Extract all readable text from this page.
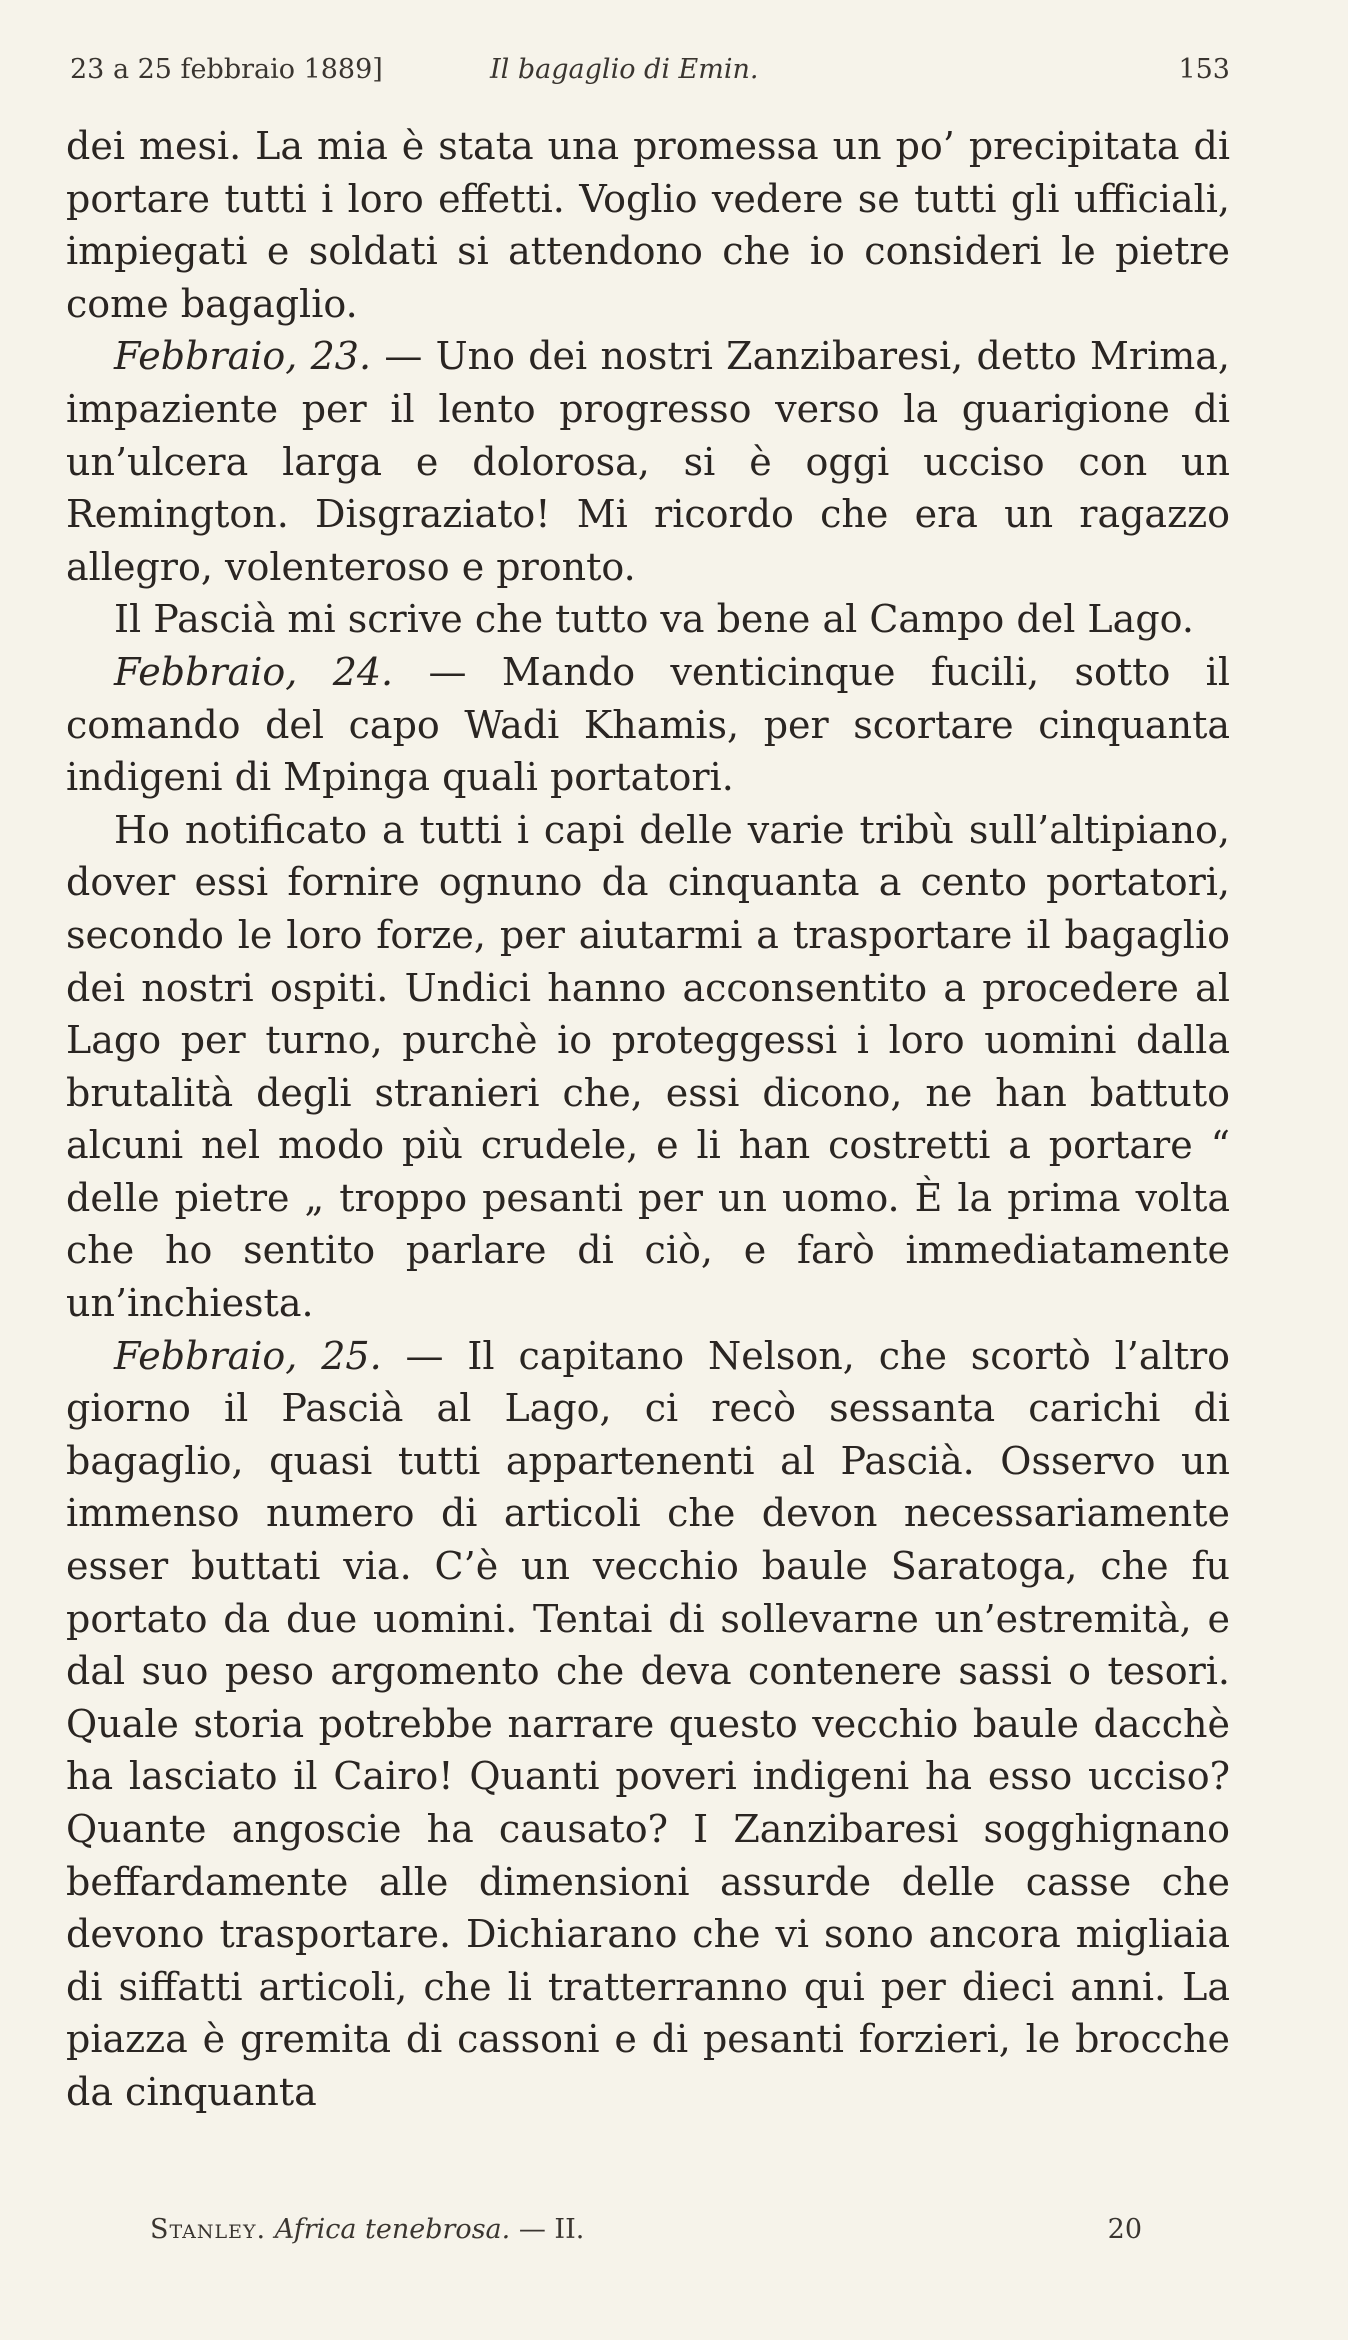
23 a 25 febbraio 1889]	Il bagaglio di Emin.	153

dei mesi. La mia è stata una promessa un po’ precipitata di portare tutti i loro effetti. Voglio vedere se tutti gli ufficiali, impiegati e soldati si attendono che io consideri le pietre come bagaglio.

Febbraio, 23. — Uno dei nostri Zanzibaresi, detto Mrima, impaziente per il lento progresso verso la guarigione di un’ulcera larga e dolorosa, si è oggi ucciso con un Remington. Disgraziato! Mi ricordo che era un ragazzo allegro, volenteroso e pronto.

Il Pascià mi scrive che tutto va bene al Campo del Lago.

Febbraio, 24. — Mando venticinque fucili, sotto il comando del capo Wadi Khamis, per scortare cinquanta indigeni di Mpinga quali portatori.

Ho notificato a tutti i capi delle varie tribù sull’altipiano, dover essi fornire ognuno da cinquanta a cento portatori, secondo le loro forze, per aiutarmi a trasportare il bagaglio dei nostri ospiti. Undici hanno acconsentito a procedere al Lago per turno, purchè io proteggessi i loro uomini dalla brutalità degli stranieri che, essi dicono, ne han battuto alcuni nel modo più crudele, e li han costretti a portare “ delle pietre „ troppo pesanti per un uomo. È la prima volta che ho sentito parlare di ciò, e farò immediatamente un’inchiesta.

Febbraio, 25. — Il capitano Nelson, che scortò l’altro giorno il Pascià al Lago, ci recò sessanta carichi di bagaglio, quasi tutti appartenenti al Pascià. Osservo un immenso numero di articoli che devon necessariamente esser buttati via. C’è un vecchio baule Saratoga, che fu portato da due uomini. Tentai di sollevarne un’estremità, e dal suo peso argomento che deva contenere sassi o tesori. Quale storia potrebbe narrare questo vecchio baule dacchè ha lasciato il Cairo! Quanti poveri indigeni ha esso ucciso? Quante angoscie ha causato? I Zanzibaresi sogghignano beffardamente alle dimensioni assurde delle casse che devono trasportare. Dichiarano che vi sono ancora migliaia di siffatti articoli, che li tratterranno qui per dieci anni. La piazza è gremita di cassoni e di pesanti forzieri, le brocche da cinquanta

Stanley. Africa tenebrosa. — II.	20
